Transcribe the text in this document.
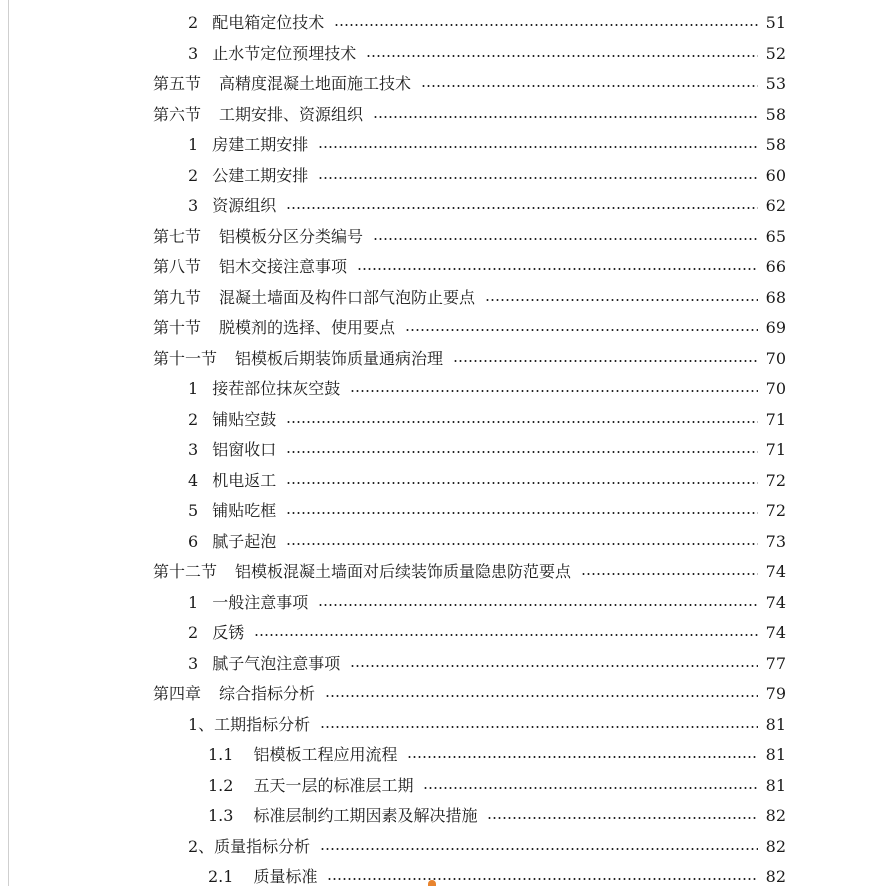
2 配电箱定位技术	51
3 止水节定位预埋技术	52
第五节	高精度混凝土地面施工技术	53
第六节	工期安排、资源组织	58
1 房建工期安排	58
2 公建工期安排	60
3 资源组织	62
第七节	铝模板分区分类编号	65
第八节	铝木交接注意事项	66
第九节	混凝土墙面及构件口部气泡防止要点	68
第十节	脱模剂的选择、使用要点	69
第十一节	铝模板后期装饰质量通病治理	70
1 接茬部位抹灰空鼓	70
2 铺贴空鼓	71
3 铝窗收口	71
4 机电返工	72
5 铺贴吃框	72
6 腻子起泡	73
第十二节	铝模板混凝土墙面对后续装饰质量隐患防范要点	74
1 一般注意事项	74
2 反锈	74
3 腻子气泡注意事项	77
第四章	综合指标分析	79
1、工期指标分析	81
1.1	铝模板工程应用流程	81
1.2	五天一层的标准层工期	81
1.3	标准层制约工期因素及解决措施	82
2、质量指标分析	82
2.1	质量标准	82
